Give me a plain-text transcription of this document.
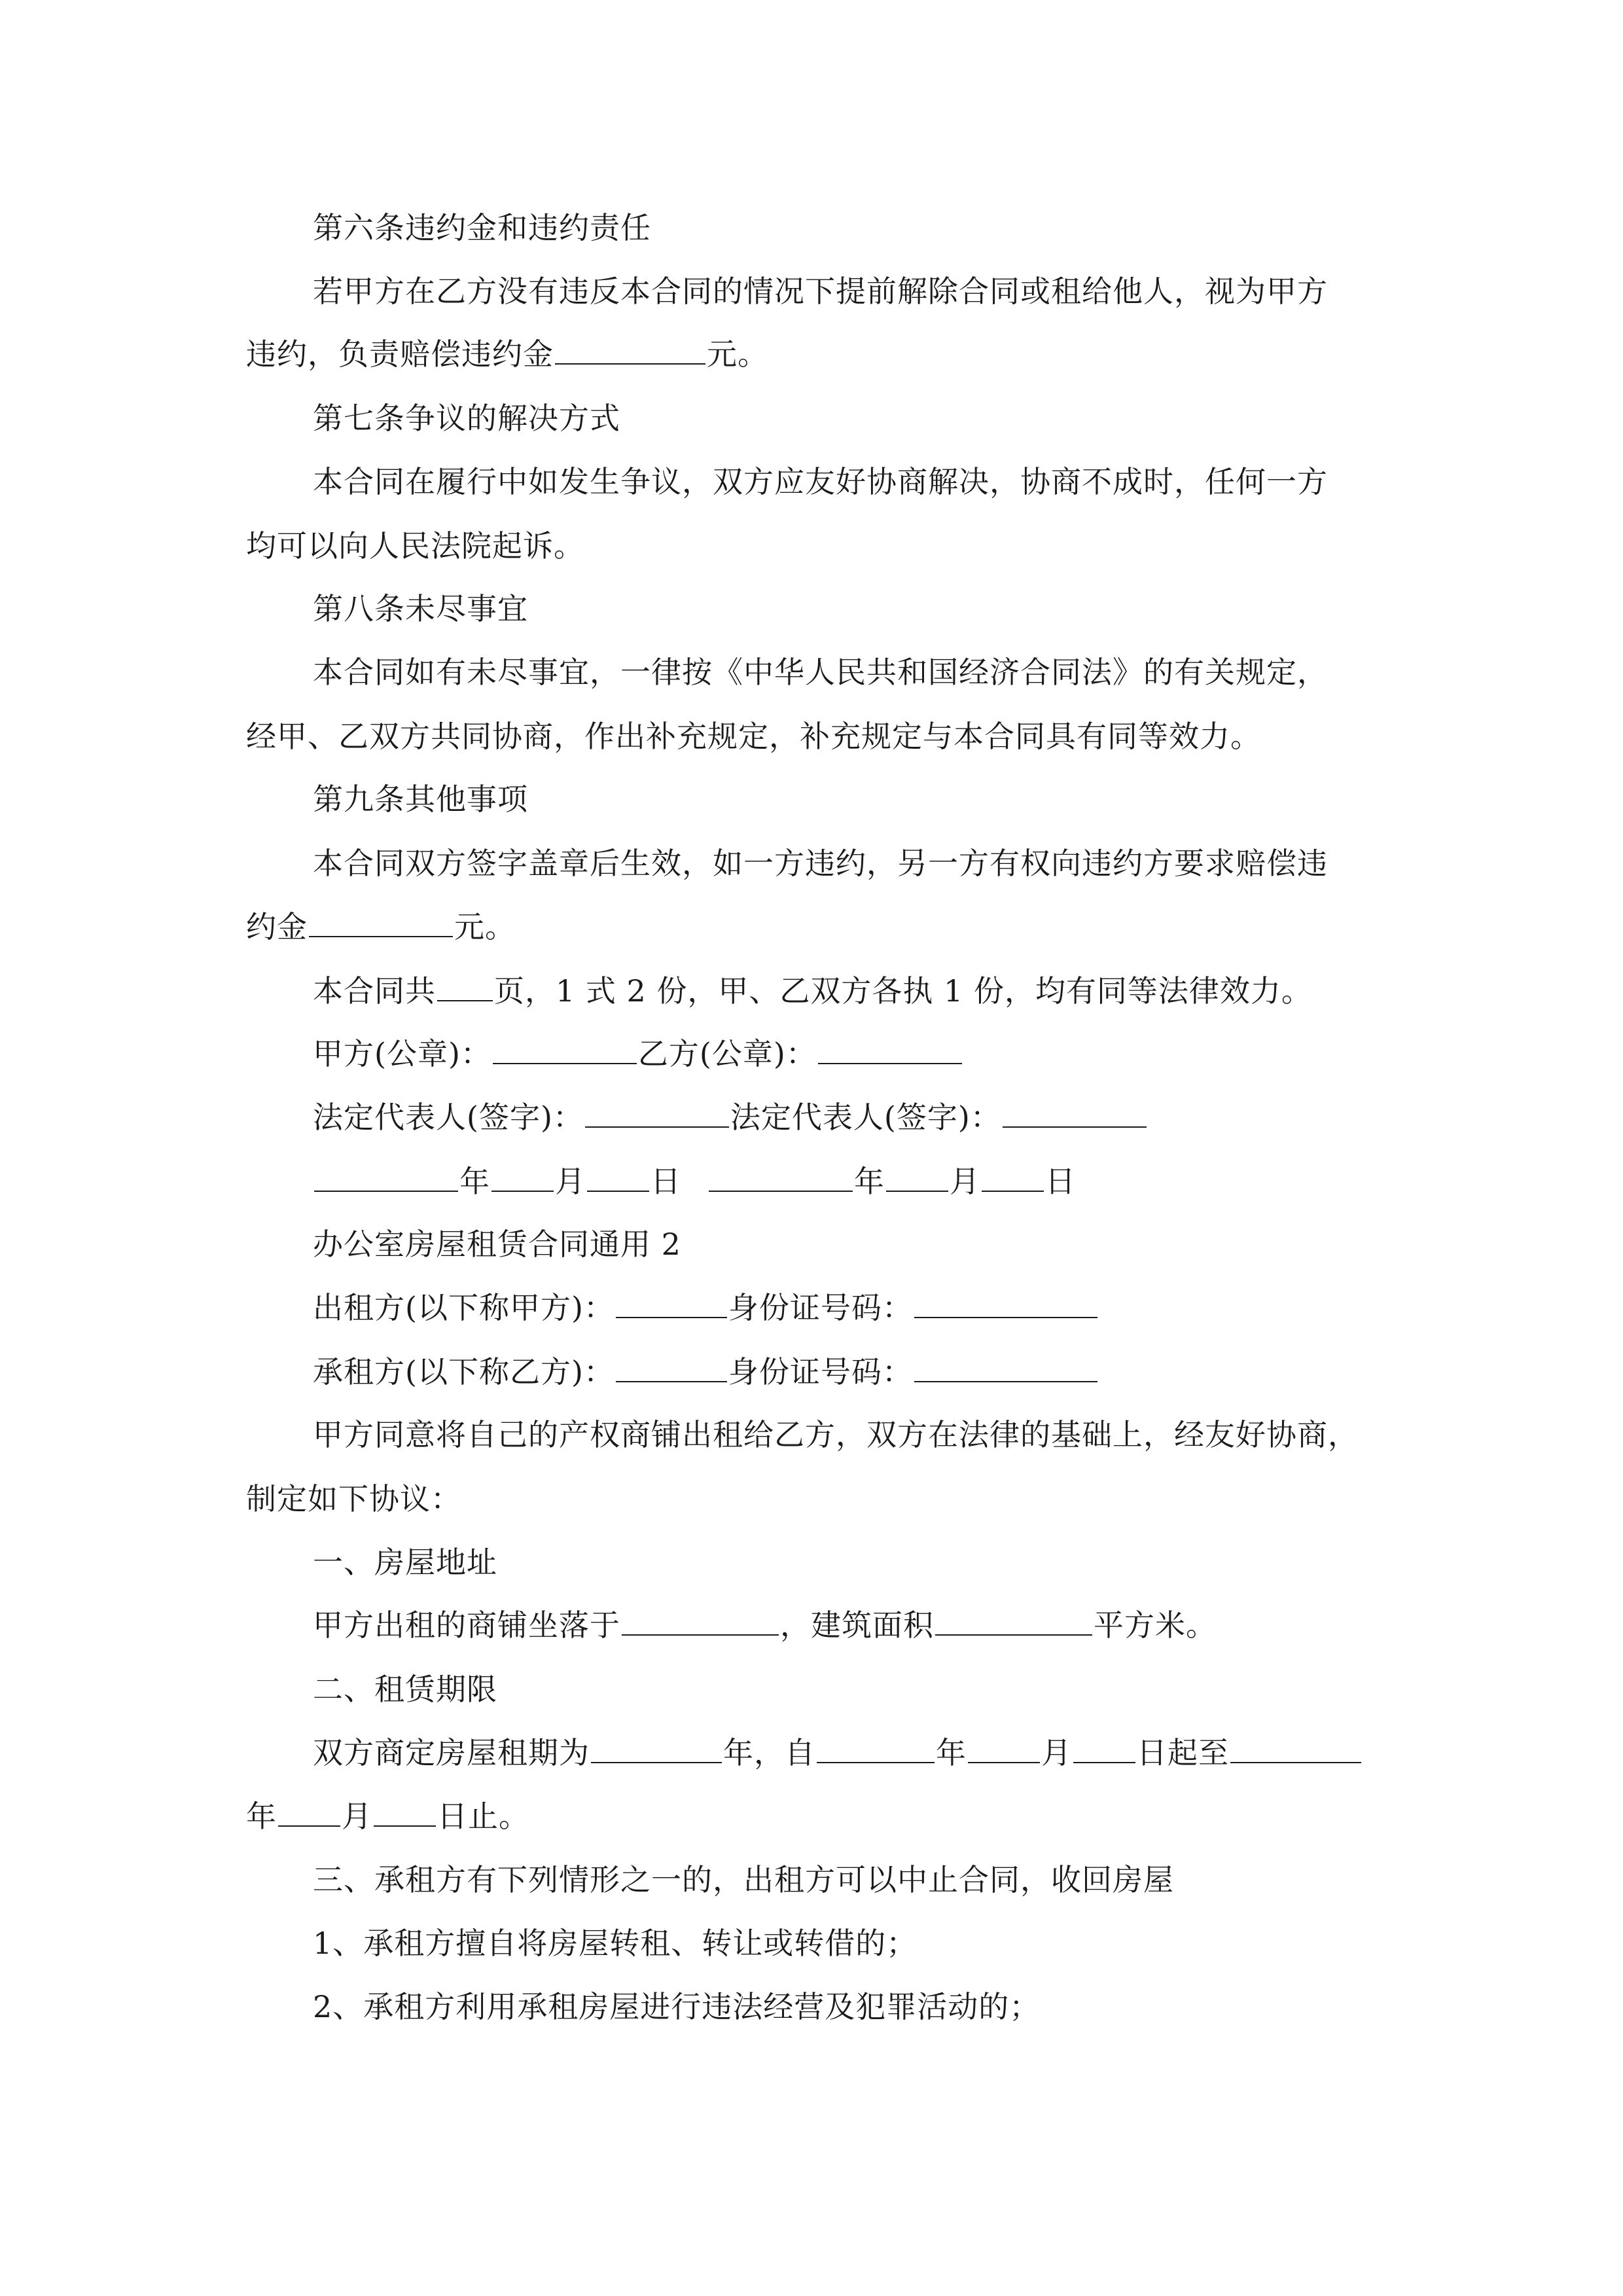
第六条违约金和违约责任
若甲方在乙方没有违反本合同的情况下提前解除合同或租给他人，视为甲方
违约，负责赔偿违约金	元。
第七条争议的解决方式
本合同在履行中如发生争议，双方应友好协商解决，协商不成时，任何一方
均可以向人民法院起诉。
第八条未尽事宜
本合同如有未尽事宜，一律按《中华人民共和国经济合同法》的有关规定，
经甲、乙双方共同协商，作出补充规定，补充规定与本合同具有同等效力。
第九条其他事项
本合同双方签字盖章后生效，如一方违约，另一方有权向违约方要求赔偿违
约金	元。
本合同共 页，1 式 2 份，甲、乙双方各执 1 份，均有同等法律效力。
甲方(公章)：	乙方(公章)：
法定代表人(签字)：	法定代表人(签字)：
年 月 日	年 月 日
办公室房屋租赁合同通用 2
出租方(以下称甲方)：	身份证号码：
承租方(以下称乙方)：	身份证号码：
甲方同意将自己的产权商铺出租给乙方，双方在法律的基础上，经友好协商，
制定如下协议：
一、房屋地址
甲方出租的商铺坐落于	，建筑面积	平方米。
二、租赁期限
双方商定房屋租期为	年，自	年 月 日起至
年 月 日止。
三、承租方有下列情形之一的，出租方可以中止合同，收回房屋
1、承租方擅自将房屋转租、转让或转借的；
2、承租方利用承租房屋进行违法经营及犯罪活动的；
